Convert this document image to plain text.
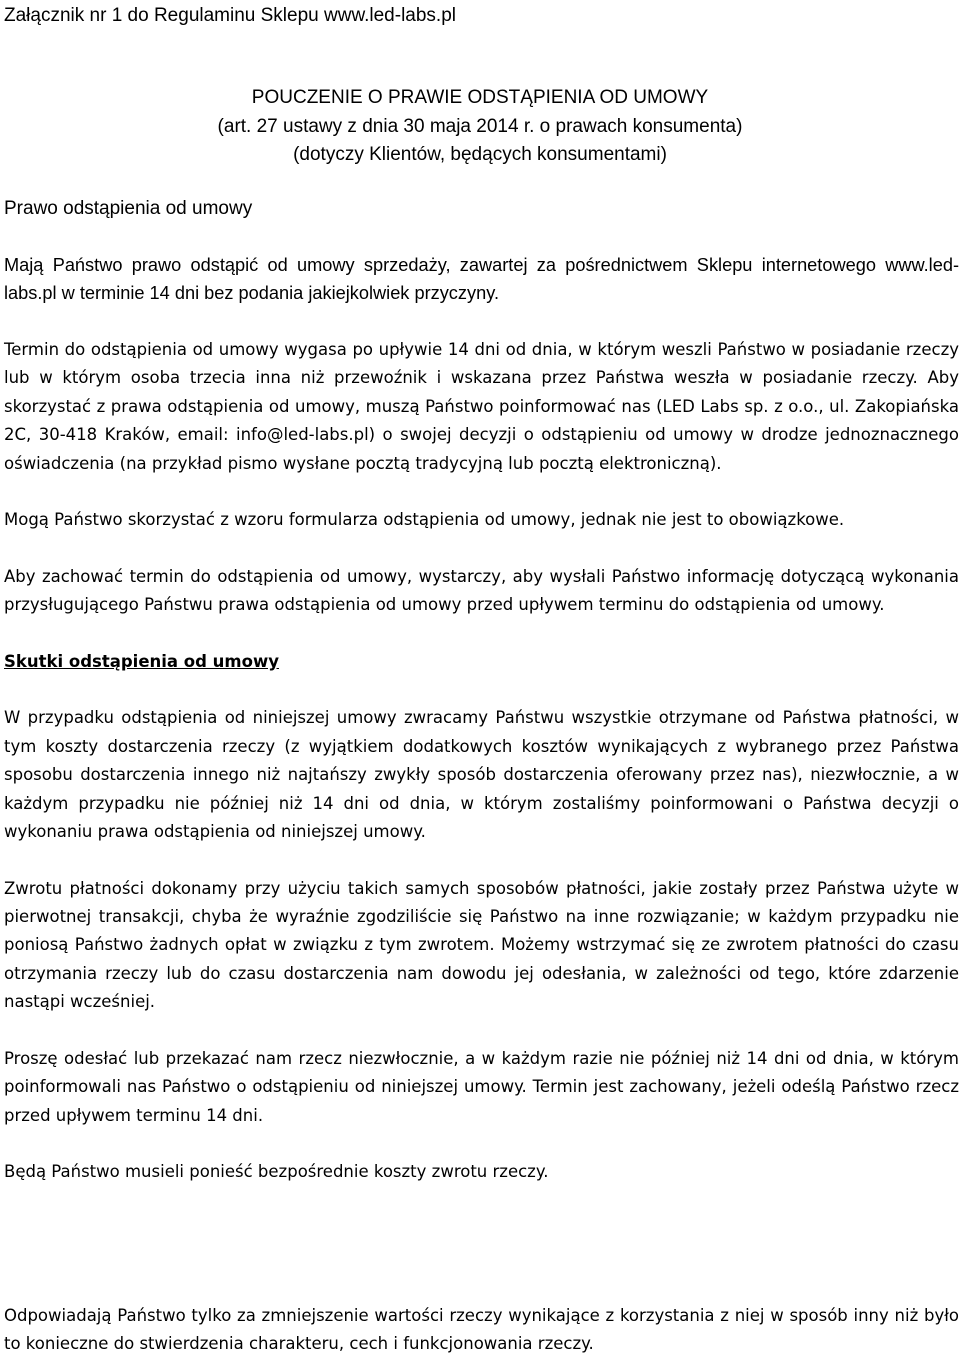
Załącznik nr 1 do Regulaminu Sklepu www.led-labs.pl
POUCZENIE O PRAWIE ODSTĄPIENIA OD UMOWY
(art. 27 ustawy z dnia 30 maja 2014 r. o prawach konsumenta)
(dotyczy Klientów, będących konsumentami)
Prawo odstąpienia od umowy

Mają Państwo prawo odstąpić od umowy sprzedaży, zawartej za pośrednictwem Sklepu internetowego www.led-labs.pl w terminie 14 dni bez podania jakiejkolwiek przyczyny.

Termin do odstąpienia od umowy wygasa po upływie 14 dni od dnia, w którym weszli Państwo w posiadanie rzeczy lub w którym osoba trzecia inna niż przewoźnik i wskazana przez Państwa weszła w posiadanie rzeczy. Aby skorzystać z prawa odstąpienia od umowy, muszą Państwo poinformować nas (LED Labs sp. z o.o., ul. Zakopiańska 2C, 30-418 Kraków, email: info@led-labs.pl) o swojej decyzji o odstąpieniu od umowy w drodze jednoznacznego oświadczenia (na przykład pismo wysłane pocztą tradycyjną lub pocztą elektroniczną).

Mogą Państwo skorzystać z wzoru formularza odstąpienia od umowy, jednak nie jest to obowiązkowe.

Aby zachować termin do odstąpienia od umowy, wystarczy, aby wysłali Państwo informację dotyczącą wykonania przysługującego Państwu prawa odstąpienia od umowy przed upływem terminu do odstąpienia od umowy.

Skutki odstąpienia od umowy

W przypadku odstąpienia od niniejszej umowy zwracamy Państwu wszystkie otrzymane od Państwa płatności, w tym koszty dostarczenia rzeczy (z wyjątkiem dodatkowych kosztów wynikających z wybranego przez Państwa sposobu dostarczenia innego niż najtańszy zwykły sposób dostarczenia oferowany przez nas), niezwłocznie, a w każdym przypadku nie później niż 14 dni od dnia, w którym zostaliśmy poinformowani o Państwa decyzji o wykonaniu prawa odstąpienia od niniejszej umowy.

Zwrotu płatności dokonamy przy użyciu takich samych sposobów płatności, jakie zostały przez Państwa użyte w pierwotnej transakcji, chyba że wyraźnie zgodziliście się Państwo na inne rozwiązanie; w każdym przypadku nie poniosą Państwo żadnych opłat w związku z tym zwrotem. Możemy wstrzymać się ze zwrotem płatności do czasu otrzymania rzeczy lub do czasu dostarczenia nam dowodu jej odesłania, w zależności od tego, które zdarzenie nastąpi wcześniej.

Proszę odesłać lub przekazać nam rzecz niezwłocznie, a w każdym razie nie później niż 14 dni od dnia, w którym poinformowali nas Państwo o odstąpieniu od niniejszej umowy. Termin jest zachowany, jeżeli odeślą Państwo rzecz przed upływem terminu 14 dni.

Będą Państwo musieli ponieść bezpośrednie koszty zwrotu rzeczy.

Odpowiadają Państwo tylko za zmniejszenie wartości rzeczy wynikające z korzystania z niej w sposób inny niż było to konieczne do stwierdzenia charakteru, cech i funkcjonowania rzeczy.
